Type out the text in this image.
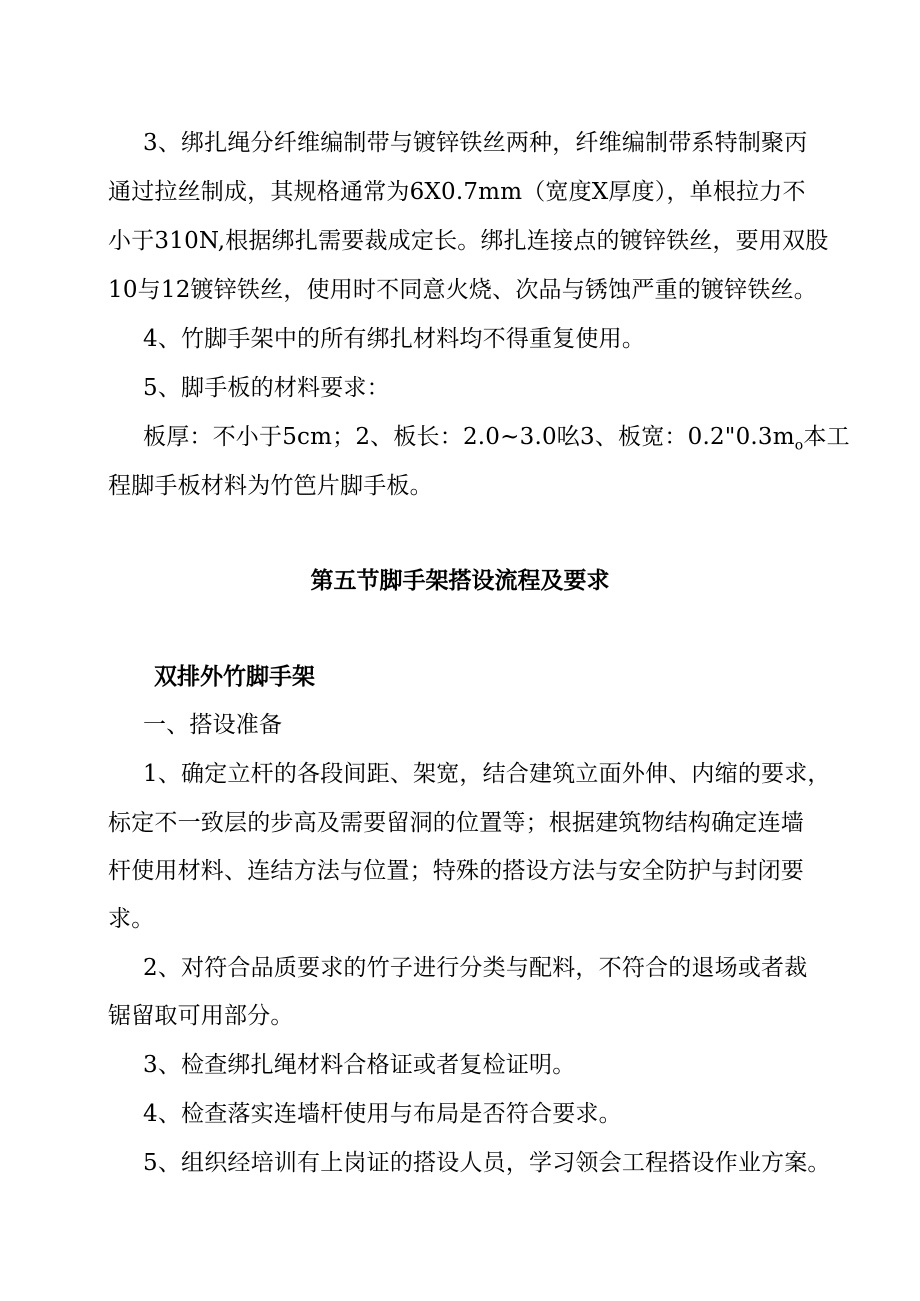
3、绑扎绳分纤维编制带与镀锌铁丝两种，纤维编制带系特制聚丙
通过拉丝制成，其规格通常为6X0.7mm（宽度X厚度），单根拉力不
小于310N,根据绑扎需要裁成定长。绑扎连接点的镀锌铁丝，要用双股
10与12镀锌铁丝，使用时不同意火烧、次品与锈蚀严重的镀锌铁丝。
4、竹脚手架中的所有绑扎材料均不得重复使用。
5、脚手板的材料要求：
板厚：不小于5cm；2、板长：2.0~3.0吆3、板宽：$0.2"0.3m_o$本工
程脚手板材料为竹笆片脚手板。
第五节脚手架搭设流程及要求
双排外竹脚手架
一、搭设准备
1、确定立杆的各段间距、架宽，结合建筑立面外伸、内缩的要求，
标定不一致层的步高及需要留洞的位置等；根据建筑物结构确定连墙
杆使用材料、连结方法与位置；特殊的搭设方法与安全防护与封闭要
求。
2、对符合品质要求的竹子进行分类与配料，不符合的退场或者裁
锯留取可用部分。
3、检查绑扎绳材料合格证或者复检证明。
4、检查落实连墙杆使用与布局是否符合要求。
5、组织经培训有上岗证的搭设人员，学习领会工程搭设作业方案。
